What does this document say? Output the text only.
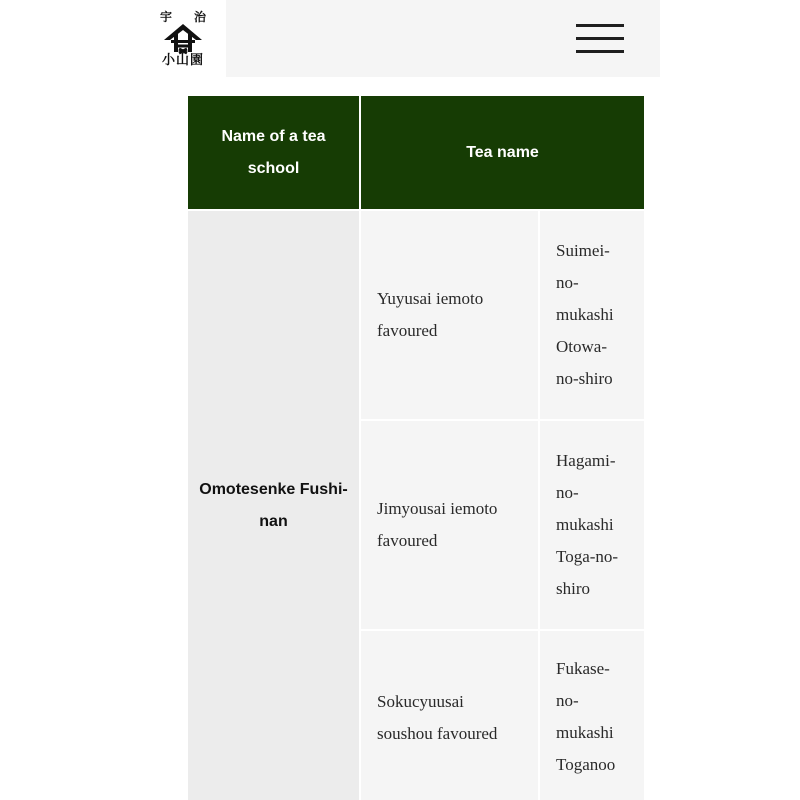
宇 治
小山園
Name of a tea school
Tea name
Omotesenke Fushi-nan
Yuyusai iemoto favoured
Suimei-
no-
mukashi
Otowa-
no-shiro
Jimyousai iemoto favoured
Hagami-
no-
mukashi
Toga-no-
shiro
Sokucyuusai soushou favoured
Fukase-
no-
mukashi
Toganoo
